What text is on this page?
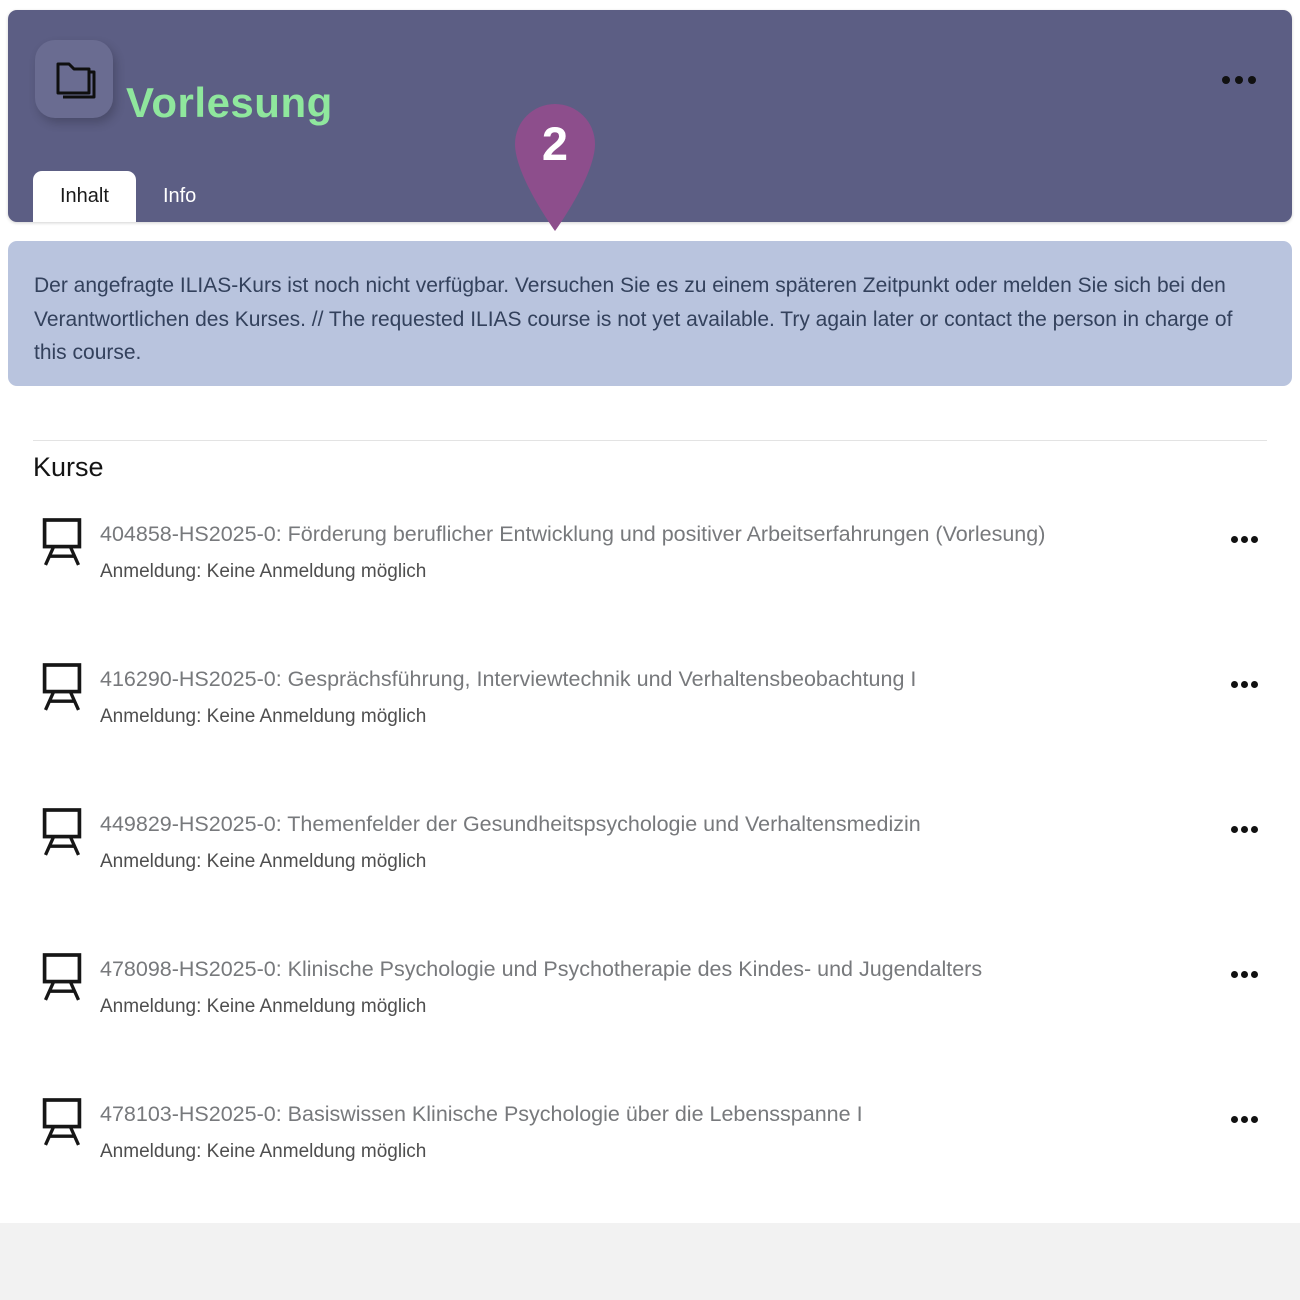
Vorlesung
Inhalt	Info
2
Der angefragte ILIAS-Kurs ist noch nicht verfügbar. Versuchen Sie es zu einem späteren Zeitpunkt oder melden Sie sich bei den Verantwortlichen des Kurses. // The requested ILIAS course is not yet available. Try again later or contact the person in charge of this course.
Kurse
404858-HS2025-0: Förderung beruflicher Entwicklung und positiver Arbeitserfahrungen (Vorlesung)
Anmeldung: Keine Anmeldung möglich
416290-HS2025-0: Gesprächsführung, Interviewtechnik und Verhaltensbeobachtung I
Anmeldung: Keine Anmeldung möglich
449829-HS2025-0: Themenfelder der Gesundheitspsychologie und Verhaltensmedizin
Anmeldung: Keine Anmeldung möglich
478098-HS2025-0: Klinische Psychologie und Psychotherapie des Kindes- und Jugendalters
Anmeldung: Keine Anmeldung möglich
478103-HS2025-0: Basiswissen Klinische Psychologie über die Lebensspanne I
Anmeldung: Keine Anmeldung möglich
